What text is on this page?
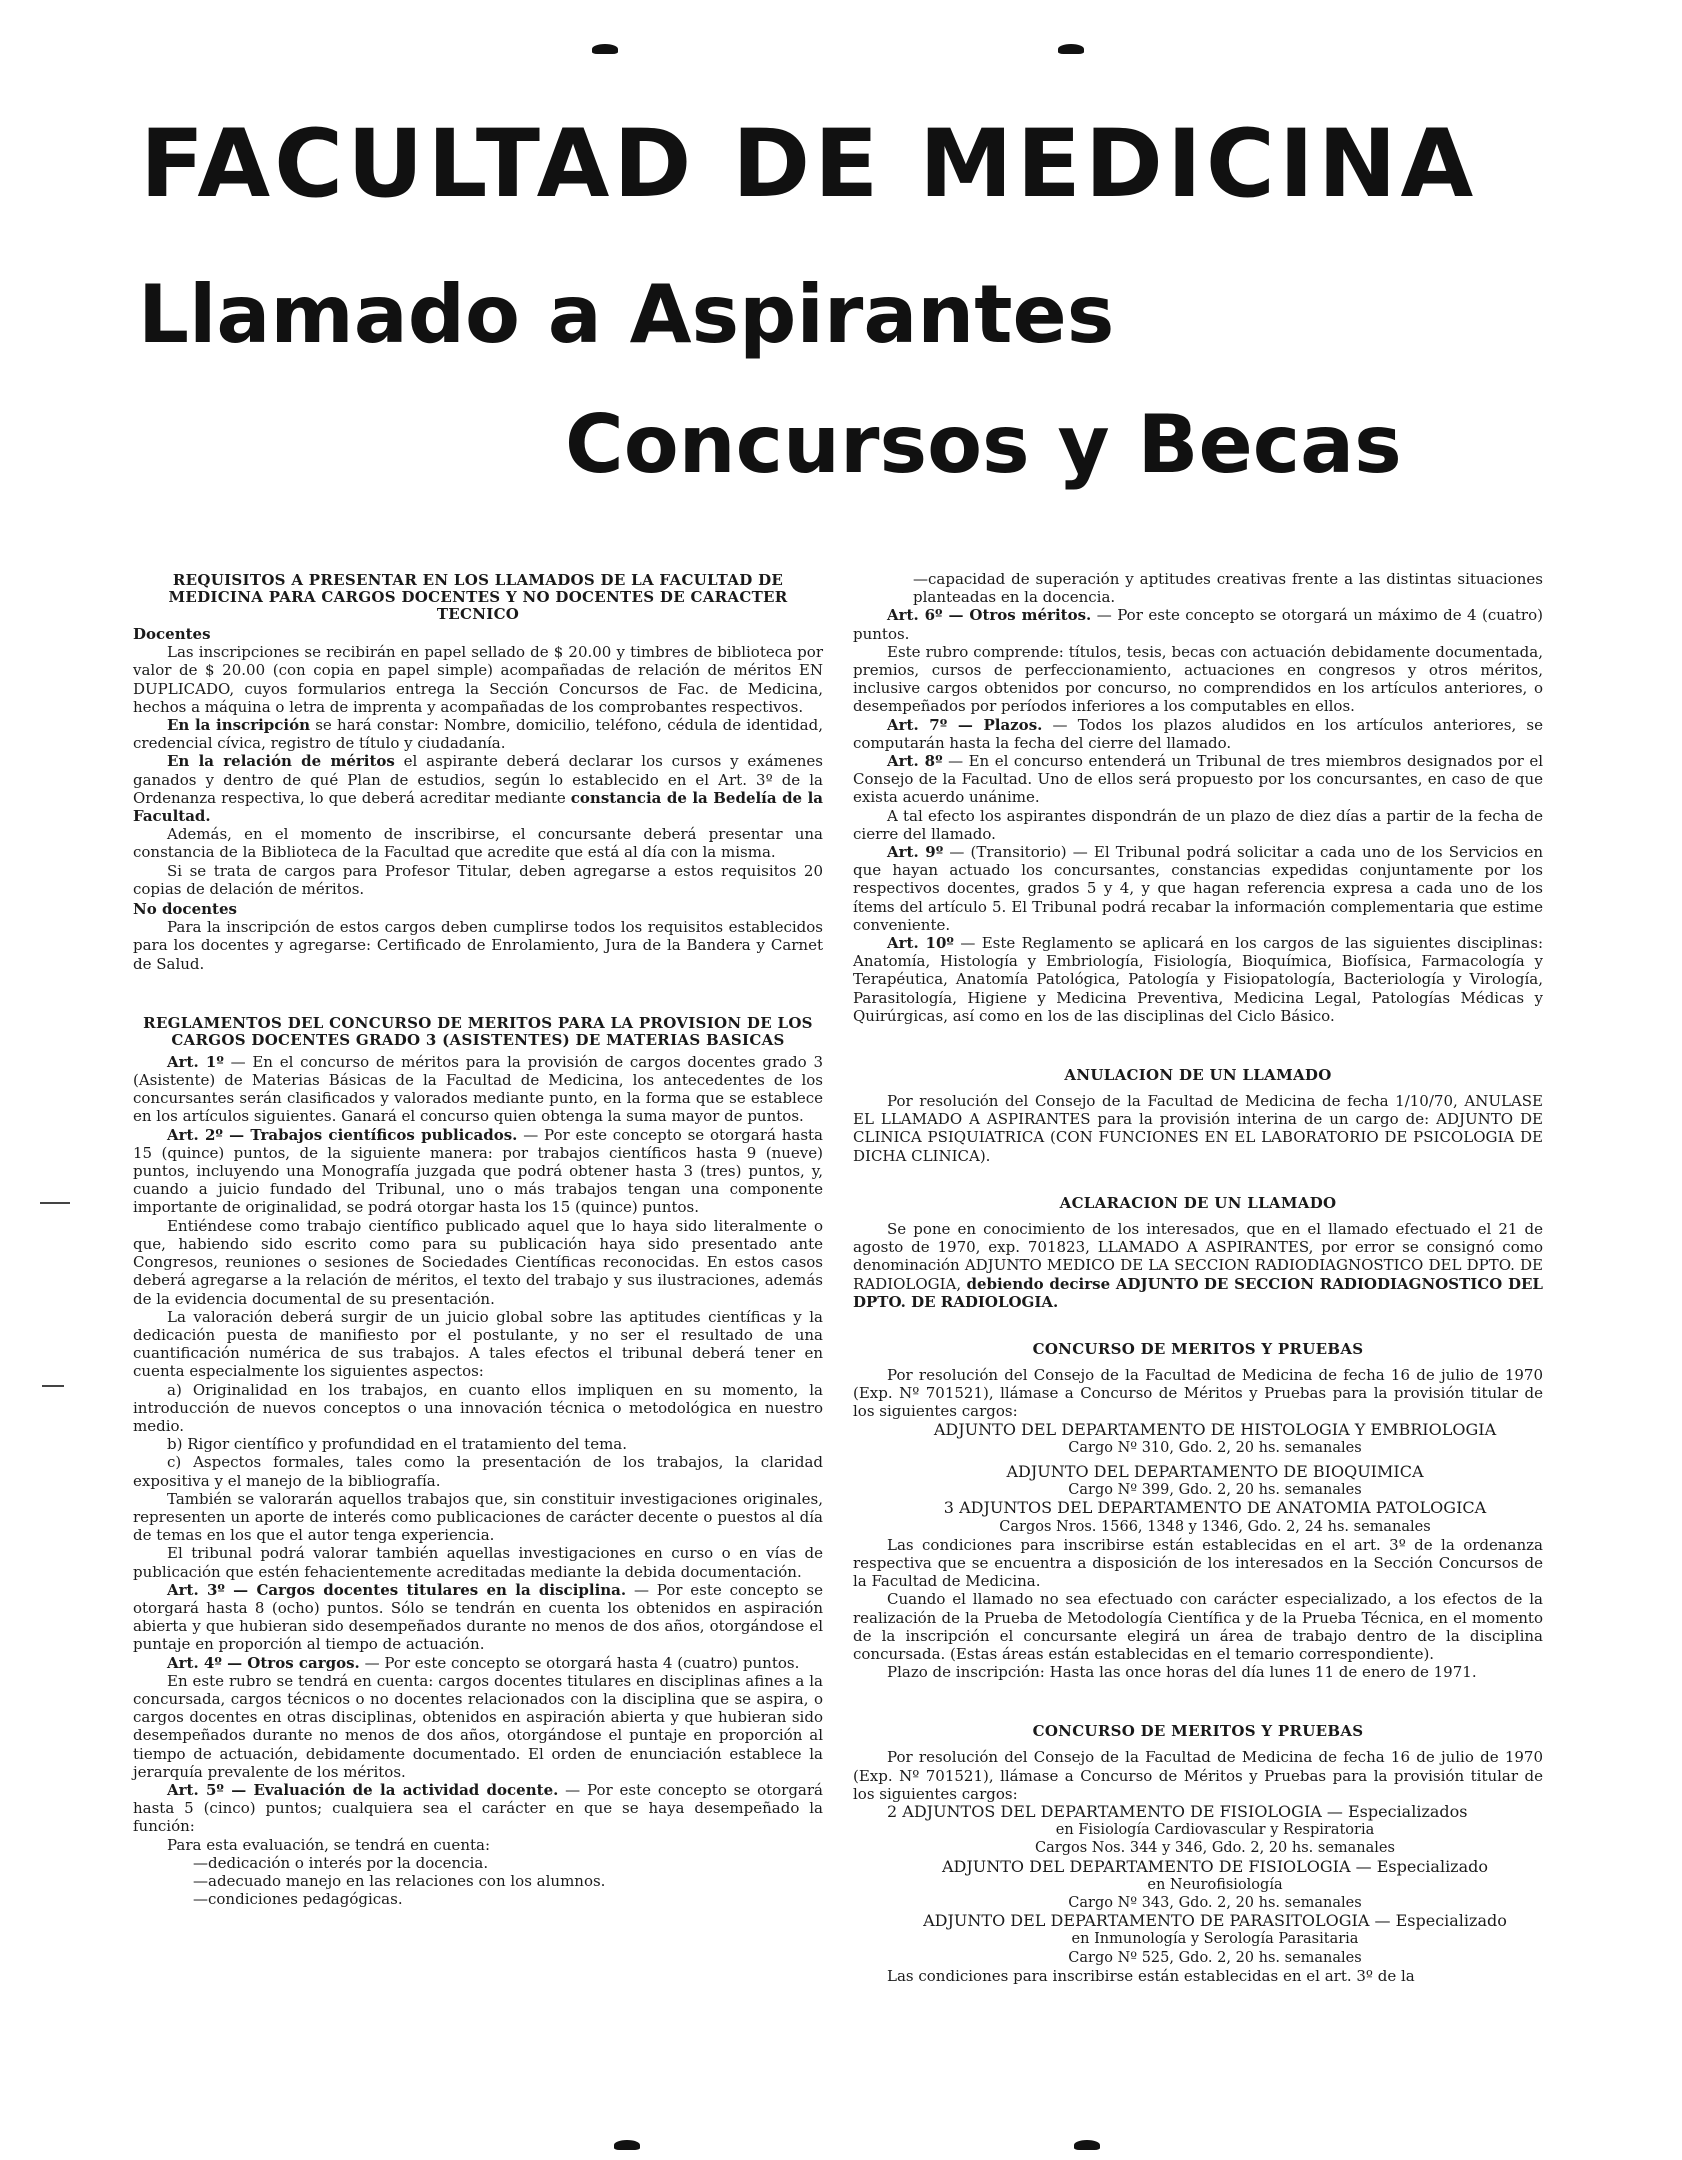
FACULTAD DE MEDICINA
Llamado a Aspirantes
Concursos y Becas
REQUISITOS A PRESENTAR EN LOS LLAMADOS DE LA FACULTAD DE MEDICINA PARA CARGOS DOCENTES Y NO DOCENTES DE CARACTER TECNICO
Docentes

Las inscripciones se recibirán en papel sellado de $ 20.00 y timbres de biblioteca por valor de $ 20.00 (con copia en papel simple) acompañadas de relación de méritos EN DUPLICADO, cuyos formularios entrega la Sección Concursos de Fac. de Medicina, hechos a máquina o letra de imprenta y acompañadas de los comprobantes respectivos.

En la inscripción se hará constar: Nombre, domicilio, teléfono, cédula de identidad, credencial cívica, registro de título y ciudadanía.

En la relación de méritos el aspirante deberá declarar los cursos y exámenes ganados y dentro de qué Plan de estudios, según lo establecido en el Art. 3º de la Ordenanza respectiva, lo que deberá acreditar mediante constancia de la Bedelía de la Facultad.

Además, en el momento de inscribirse, el concursante deberá presentar una constancia de la Biblioteca de la Facultad que acredite que está al día con la misma.

Si se trata de cargos para Profesor Titular, deben agregarse a estos requisitos 20 copias de delación de méritos.

No docentes

Para la inscripción de estos cargos deben cumplirse todos los requisitos establecidos para los docentes y agregarse: Certificado de Enrolamiento, Jura de la Bandera y Carnet de Salud.

REGLAMENTOS DEL CONCURSO DE MERITOS PARA LA PROVISION DE LOS CARGOS DOCENTES GRADO 3 (ASISTENTES) DE MATERIAS BASICAS

Art. 1º — En el concurso de méritos para la provisión de cargos docentes grado 3 (Asistente) de Materias Básicas de la Facultad de Medicina, los antecedentes de los concursantes serán clasificados y valorados mediante punto, en la forma que se establece en los artículos siguientes. Ganará el concurso quien obtenga la suma mayor de puntos.

Art. 2º — Trabajos científicos publicados. — Por este concepto se otorgará hasta 15 (quince) puntos, de la siguiente manera: por trabajos científicos hasta 9 (nueve) puntos, incluyendo una Monografía juzgada que podrá obtener hasta 3 (tres) puntos, y, cuando a juicio fundado del Tribunal, uno o más trabajos tengan una componente importante de originalidad, se podrá otorgar hasta los 15 (quince) puntos.

Entiéndese como trabajo científico publicado aquel que lo haya sido literalmente o que, habiendo sido escrito como para su publicación haya sido presentado ante Congresos, reuniones o sesiones de Sociedades Científicas reconocidas. En estos casos deberá agregarse a la relación de méritos, el texto del trabajo y sus ilustraciones, además de la evidencia documental de su presentación.

La valoración deberá surgir de un juicio global sobre las aptitudes científicas y la dedicación puesta de manifiesto por el postulante, y no ser el resultado de una cuantificación numérica de sus trabajos. A tales efectos el tribunal deberá tener en cuenta especialmente los siguientes aspectos:

a) Originalidad en los trabajos, en cuanto ellos impliquen en su momento, la introducción de nuevos conceptos o una innovación técnica o metodológica en nuestro medio.

b) Rigor científico y profundidad en el tratamiento del tema.

c) Aspectos formales, tales como la presentación de los trabajos, la claridad expositiva y el manejo de la bibliografía.

También se valorarán aquellos trabajos que, sin constituir investigaciones originales, representen un aporte de interés como publicaciones de carácter decente o puestos al día de temas en los que el autor tenga experiencia.

El tribunal podrá valorar también aquellas investigaciones en curso o en vías de publicación que estén fehacientemente acreditadas mediante la debida documentación.

Art. 3º — Cargos docentes titulares en la disciplina. — Por este concepto se otorgará hasta 8 (ocho) puntos. Sólo se tendrán en cuenta los obtenidos en aspiración abierta y que hubieran sido desempeñados durante no menos de dos años, otorgándose el puntaje en proporción al tiempo de actuación.

Art. 4º — Otros cargos. — Por este concepto se otorgará hasta 4 (cuatro) puntos.

En este rubro se tendrá en cuenta: cargos docentes titulares en disciplinas afines a la concursada, cargos técnicos o no docentes relacionados con la disciplina que se aspira, o cargos docentes en otras disciplinas, obtenidos en aspiración abierta y que hubieran sido desempeñados durante no menos de dos años, otorgándose el puntaje en proporción al tiempo de actuación, debidamente documentado. El orden de enunciación establece la jerarquía prevalente de los méritos.

Art. 5º — Evaluación de la actividad docente. — Por este concepto se otorgará hasta 5 (cinco) puntos; cualquiera sea el carácter en que se haya desempeñado la función:

Para esta evaluación, se tendrá en cuenta:

—dedicación o interés por la docencia.
—adecuado manejo en las relaciones con los alumnos.
—condiciones pedagógicas.

—capacidad de superación y aptitudes creativas frente a las distintas situaciones planteadas en la docencia.

Art. 6º — Otros méritos. — Por este concepto se otorgará un máximo de 4 (cuatro) puntos.

Este rubro comprende: títulos, tesis, becas con actuación debidamente documentada, premios, cursos de perfeccionamiento, actuaciones en congresos y otros méritos, inclusive cargos obtenidos por concurso, no comprendidos en los artículos anteriores, o desempeñados por períodos inferiores a los computables en ellos.

Art. 7º — Plazos. — Todos los plazos aludidos en los artículos anteriores, se computarán hasta la fecha del cierre del llamado.

Art. 8º — En el concurso entenderá un Tribunal de tres miembros designados por el Consejo de la Facultad. Uno de ellos será propuesto por los concursantes, en caso de que exista acuerdo unánime.

A tal efecto los aspirantes dispondrán de un plazo de diez días a partir de la fecha de cierre del llamado.

Art. 9º — (Transitorio) — El Tribunal podrá solicitar a cada uno de los Servicios en que hayan actuado los concursantes, constancias expedidas conjuntamente por los respectivos docentes, grados 5 y 4, y que hagan referencia expresa a cada uno de los ítems del artículo 5. El Tribunal podrá recabar la información complementaria que estime conveniente.

Art. 10º — Este Reglamento se aplicará en los cargos de las siguientes disciplinas: Anatomía, Histología y Embriología, Fisiología, Bioquímica, Biofísica, Farmacología y Terapéutica, Anatomía Patológica, Patología y Fisiopatología, Bacteriología y Virología, Parasitología, Higiene y Medicina Preventiva, Medicina Legal, Patologías Médicas y Quirúrgicas, así como en los de las disciplinas del Ciclo Básico.

ANULACION DE UN LLAMADO

Por resolución del Consejo de la Facultad de Medicina de fecha 1/10/70, ANULASE EL LLAMADO A ASPIRANTES para la provisión interina de un cargo de: ADJUNTO DE CLINICA PSIQUIATRICA (CON FUNCIONES EN EL LABORATORIO DE PSICOLOGIA DE DICHA CLINICA).

ACLARACION DE UN LLAMADO

Se pone en conocimiento de los interesados, que en el llamado efectuado el 21 de agosto de 1970, exp. 701823, LLAMADO A ASPIRANTES, por error se consignó como denominación ADJUNTO MEDICO DE LA SECCION RADIODIAGNOSTICO DEL DPTO. DE RADIOLOGIA, debiendo decirse ADJUNTO DE SECCION RADIODIAGNOSTICO DEL DPTO. DE RADIOLOGIA.

CONCURSO DE MERITOS Y PRUEBAS

Por resolución del Consejo de la Facultad de Medicina de fecha 16 de julio de 1970 (Exp. Nº 701521), llámase a Concurso de Méritos y Pruebas para la provisión titular de los siguientes cargos:

ADJUNTO DEL DEPARTAMENTO DE HISTOLOGIA Y EMBRIOLOGIA

Cargo Nº 310, Gdo. 2, 20 hs. semanales

ADJUNTO DEL DEPARTAMENTO DE BIOQUIMICA

Cargo Nº 399, Gdo. 2, 20 hs. semanales

3 ADJUNTOS DEL DEPARTAMENTO DE ANATOMIA PATOLOGICA

Cargos Nros. 1566, 1348 y 1346, Gdo. 2, 24 hs. semanales

Las condiciones para inscribirse están establecidas en el art. 3º de la ordenanza respectiva que se encuentra a disposición de los interesados en la Sección Concursos de la Facultad de Medicina.

Cuando el llamado no sea efectuado con carácter especializado, a los efectos de la realización de la Prueba de Metodología Científica y de la Prueba Técnica, en el momento de la inscripción el concursante elegirá un área de trabajo dentro de la disciplina concursada. (Estas áreas están establecidas en el temario correspondiente).

Plazo de inscripción: Hasta las once horas del día lunes 11 de enero de 1971.

CONCURSO DE MERITOS Y PRUEBAS

Por resolución del Consejo de la Facultad de Medicina de fecha 16 de julio de 1970 (Exp. Nº 701521), llámase a Concurso de Méritos y Pruebas para la provisión titular de los siguientes cargos:

2 ADJUNTOS DEL DEPARTAMENTO DE FISIOLOGIA — Especializados

en Fisiología Cardiovascular y Respiratoria

Cargos Nos. 344 y 346, Gdo. 2, 20 hs. semanales

ADJUNTO DEL DEPARTAMENTO DE FISIOLOGIA — Especializado

en Neurofisiología

Cargo Nº 343, Gdo. 2, 20 hs. semanales

ADJUNTO DEL DEPARTAMENTO DE PARASITOLOGIA — Especializado

en Inmunología y Serología Parasitaria

Cargo Nº 525, Gdo. 2, 20 hs. semanales

Las condiciones para inscribirse están establecidas en el art. 3º de la
